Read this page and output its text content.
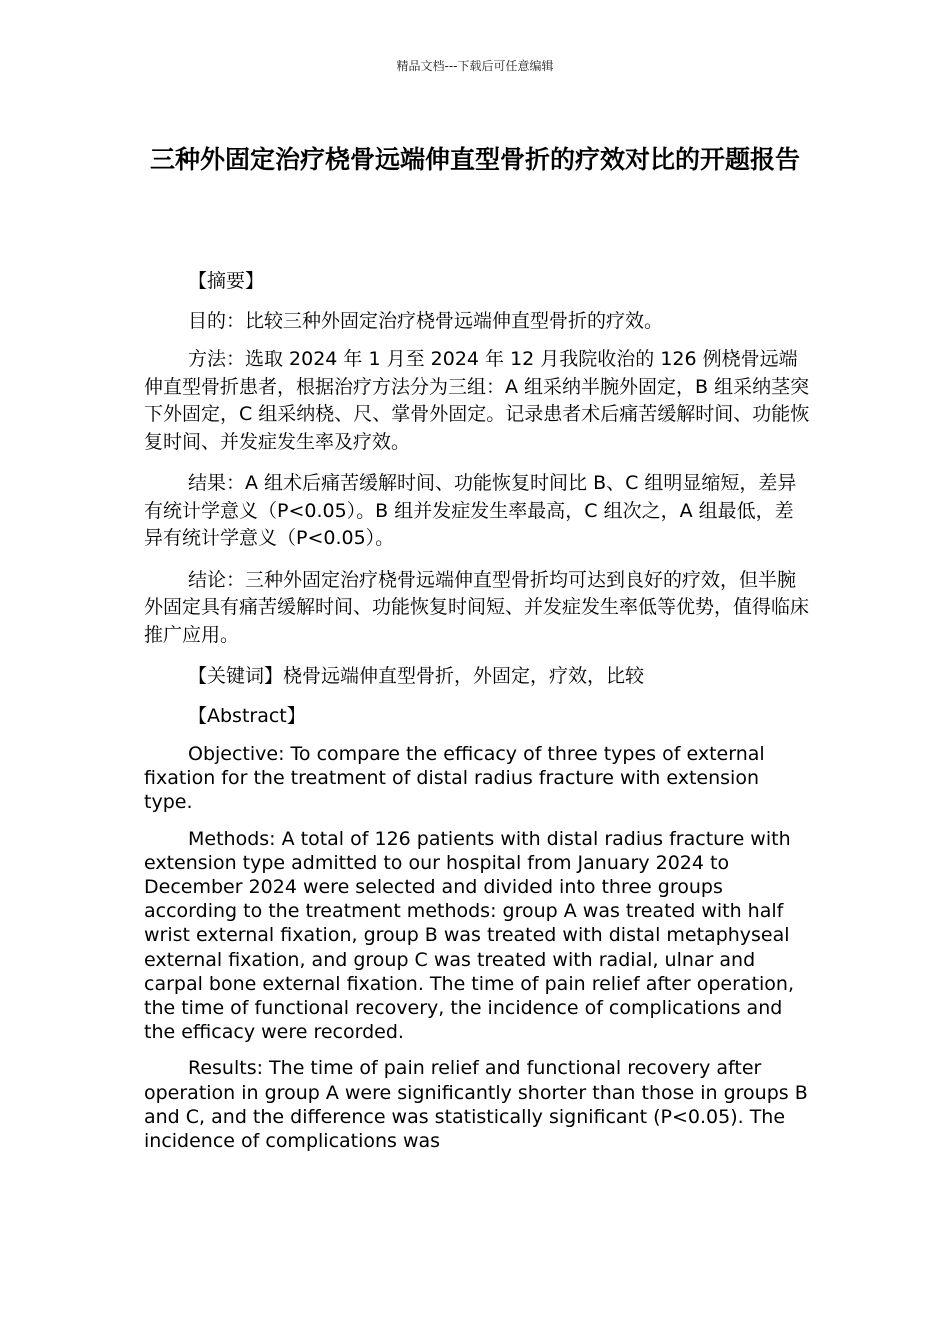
精品文档---下载后可任意编辑
三种外固定治疗桡骨远端伸直型骨折的疗效对比的开题报告

【摘要】

目的：比较三种外固定治疗桡骨远端伸直型骨折的疗效。

方法：选取 2024 年 1 月至 2024 年 12 月我院收治的 126 例桡骨远端伸直型骨折患者，根据治疗方法分为三组：A 组采纳半腕外固定，B 组采纳茎突下外固定，C 组采纳桡、尺、掌骨外固定。记录患者术后痛苦缓解时间、功能恢复时间、并发症发生率及疗效。

结果：A 组术后痛苦缓解时间、功能恢复时间比 B、C 组明显缩短，差异有统计学意义（P<0.05）。B 组并发症发生率最高，C 组次之，A 组最低，差异有统计学意义（P<0.05）。

结论：三种外固定治疗桡骨远端伸直型骨折均可达到良好的疗效，但半腕外固定具有痛苦缓解时间、功能恢复时间短、并发症发生率低等优势，值得临床推广应用。

【关键词】桡骨远端伸直型骨折，外固定，疗效，比较

【Abstract】

Objective: To compare the efficacy of three types of external fixation for the treatment of distal radius fracture with extension type.

Methods: A total of 126 patients with distal radius fracture with extension type admitted to our hospital from January 2024 to December 2024 were selected and divided into three groups according to the treatment methods: group A was treated with half wrist external fixation, group B was treated with distal metaphyseal external fixation, and group C was treated with radial, ulnar and carpal bone external fixation. The time of pain relief after operation, the time of functional recovery, the incidence of complications and the efficacy were recorded.

Results: The time of pain relief and functional recovery after operation in group A were significantly shorter than those in groups B and C, and the difference was statistically significant (P<0.05). The incidence of complications was
